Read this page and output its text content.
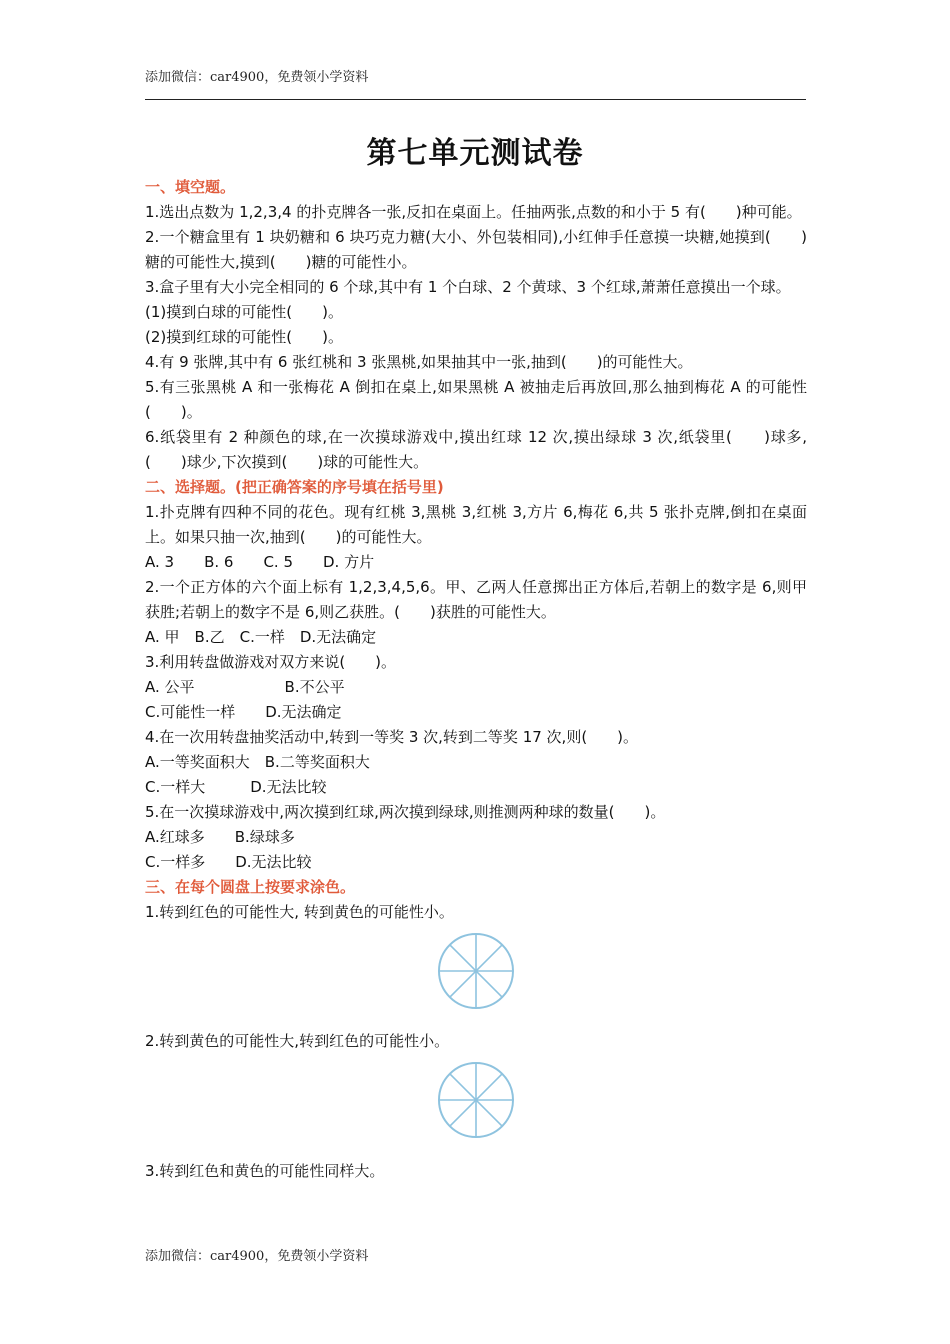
添加微信：car4900，免费领小学资料
第七单元测试卷

一、填空题。

1.选出点数为 1,2,3,4 的扑克牌各一张,反扣在桌面上。任抽两张,点数的和小于 5 有(　　)种可能。

2.一个糖盒里有 1 块奶糖和 6 块巧克力糖(大小、外包装相同),小红伸手任意摸一块糖,她摸到(　　)糖的可能性大,摸到(　　)糖的可能性小。

3.盒子里有大小完全相同的 6 个球,其中有 1 个白球、2 个黄球、3 个红球,萧萧任意摸出一个球。

(1)摸到白球的可能性(　　)。

(2)摸到红球的可能性(　　)。

4.有 9 张牌,其中有 6 张红桃和 3 张黑桃,如果抽其中一张,抽到(　　)的可能性大。

5.有三张黑桃 A 和一张梅花 A 倒扣在桌上,如果黑桃 A 被抽走后再放回,那么抽到梅花 A 的可能性(　　)。

6.纸袋里有 2 种颜色的球,在一次摸球游戏中,摸出红球 12 次,摸出绿球 3 次,纸袋里(　　)球多,(　　)球少,下次摸到(　　)球的可能性大。

二、选择题。(把正确答案的序号填在括号里)

1.扑克牌有四种不同的花色。现有红桃 3,黑桃 3,红桃 3,方片 6,梅花 6,共 5 张扑克牌,倒扣在桌面上。如果只抽一次,抽到(　　)的可能性大。

A. 3　　B. 6　　C. 5　　D. 方片

2.一个正方体的六个面上标有 1,2,3,4,5,6。甲、乙两人任意掷出正方体后,若朝上的数字是 6,则甲获胜;若朝上的数字不是 6,则乙获胜。(　　)获胜的可能性大。

A. 甲　B.乙　C.一样　D.无法确定

3.利用转盘做游戏对双方来说(　　)。

A. 公平　　　　　　B.不公平

C.可能性一样　　D.无法确定

4.在一次用转盘抽奖活动中,转到一等奖 3 次,转到二等奖 17 次,则(　　)。

A.一等奖面积大　B.二等奖面积大

C.一样大　　　D.无法比较

5.在一次摸球游戏中,两次摸到红球,两次摸到绿球,则推测两种球的数量(　　)。

A.红球多　　B.绿球多

C.一样多　　D.无法比较

三、在每个圆盘上按要求涂色。

1.转到红色的可能性大, 转到黄色的可能性小。

2.转到黄色的可能性大,转到红色的可能性小。

3.转到红色和黄色的可能性同样大。

添加微信：car4900，免费领小学资料
